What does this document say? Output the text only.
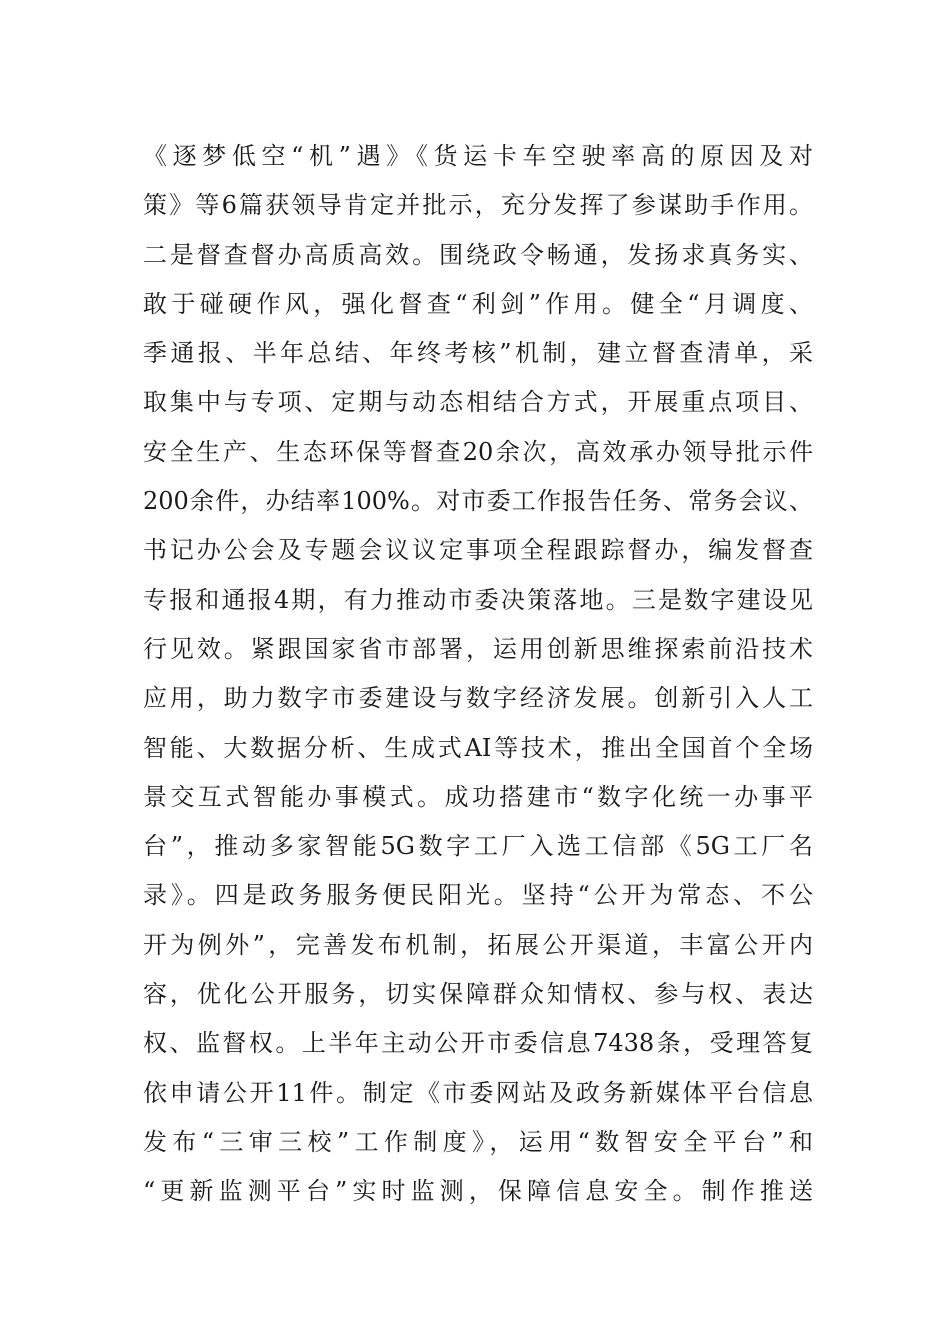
《逐梦低空“机”遇》《货运卡车空驶率高的原因及对
策》等6篇获领导肯定并批示，充分发挥了参谋助手作用。
二是督查督办高质高效。围绕政令畅通，发扬求真务实、
敢于碰硬作风，强化督查“利剑”作用。健全“月调度、
季通报、半年总结、年终考核”机制，建立督查清单，采
取集中与专项、定期与动态相结合方式，开展重点项目、
安全生产、生态环保等督查20余次，高效承办领导批示件
200余件，办结率100%。对市委工作报告任务、常务会议、
书记办公会及专题会议议定事项全程跟踪督办，编发督查
专报和通报4期，有力推动市委决策落地。三是数字建设见
行见效。紧跟国家省市部署，运用创新思维探索前沿技术
应用，助力数字市委建设与数字经济发展。创新引入人工
智能、大数据分析、生成式AI等技术，推出全国首个全场
景交互式智能办事模式。成功搭建市“数字化统一办事平
台”，推动多家智能5G数字工厂入选工信部《5G工厂名
录》。四是政务服务便民阳光。坚持“公开为常态、不公
开为例外”，完善发布机制，拓展公开渠道，丰富公开内
容，优化公开服务，切实保障群众知情权、参与权、表达
权、监督权。上半年主动公开市委信息7438条，受理答复
依申请公开11件。制定《市委网站及政务新媒体平台信息
发布“三审三校”工作制度》，运用“数智安全平台”和
“更新监测平台”实时监测，保障信息安全。制作推送
